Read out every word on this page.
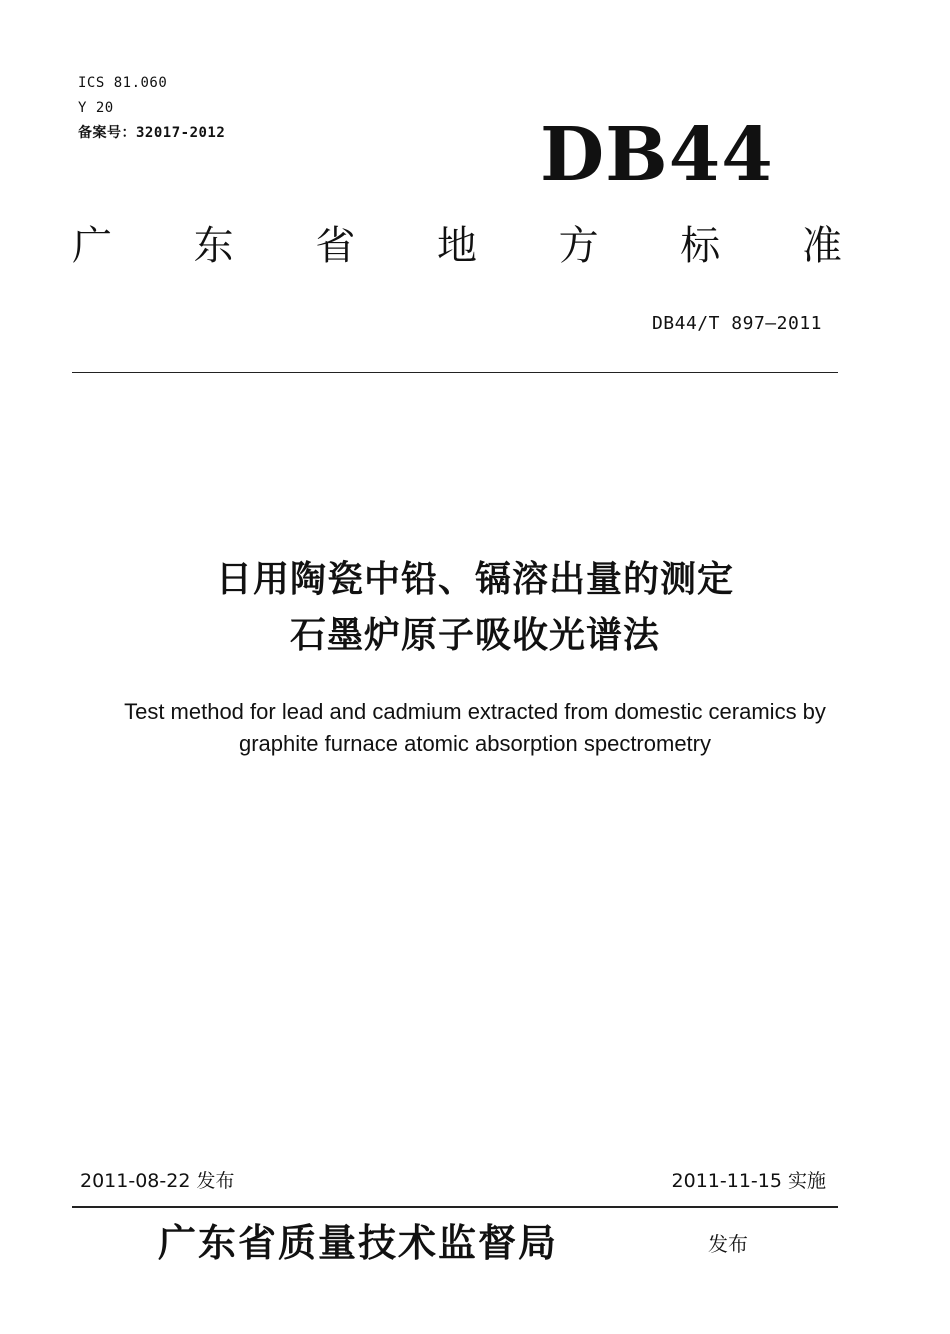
ICS 81.060
Y 20
备案号：32017-2012	DB44
广 东 省 地 方 标 准
DB44/T 897—2011
日用陶瓷中铅、镉溶出量的测定
石墨炉原子吸收光谱法
Test method for lead and cadmium extracted from domestic ceramics by
graphite furnace atomic absorption spectrometry
2011-08-22 发布	2011-11-15 实施
广东省质量技术监督局	发布
